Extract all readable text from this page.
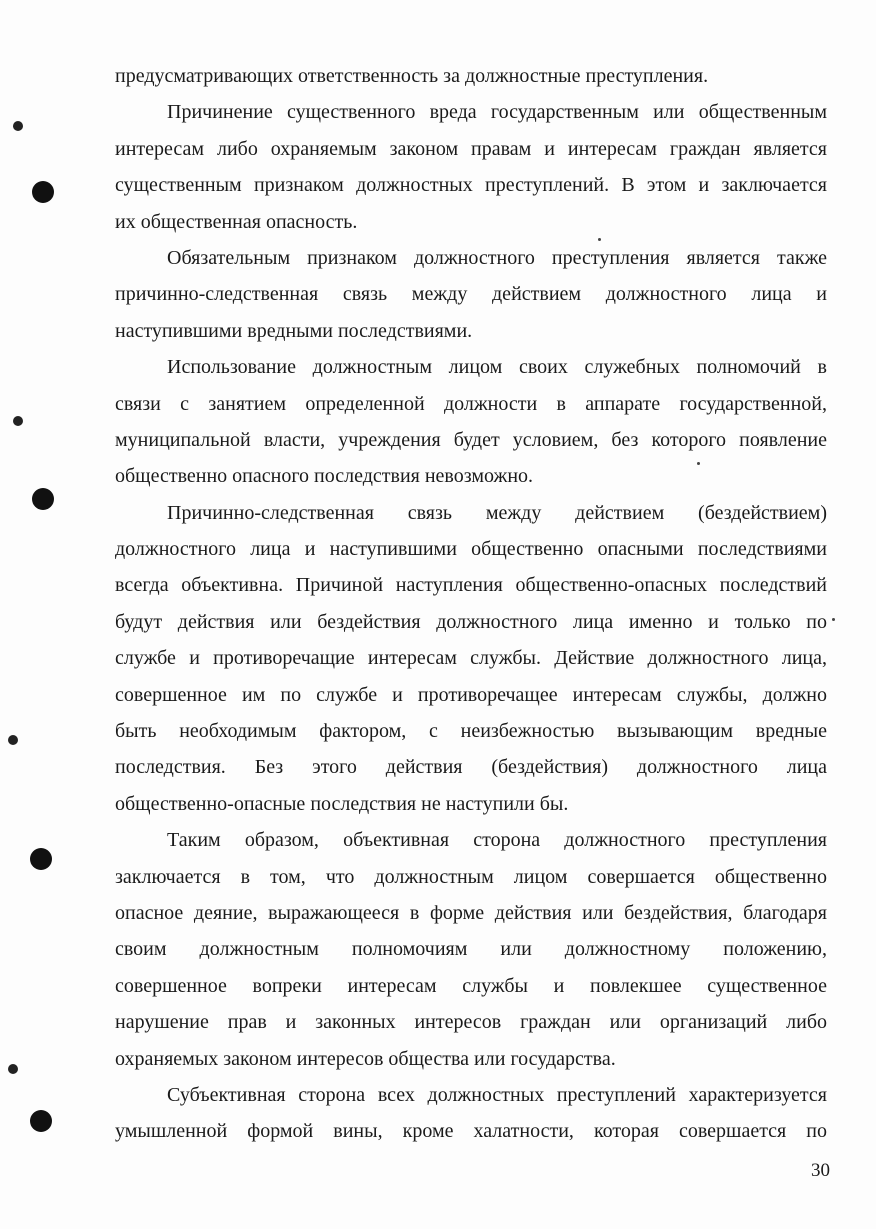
предусматривающих ответственность за должностные преступления.
Причинение существенного вреда государственным или общественным
интересам либо охраняемым законом правам и интересам граждан является
существенным признаком должностных преступлений. В этом и заключается
их общественная опасность.
Обязательным признаком должностного преступления является также
причинно-следственная связь между действием должностного лица и
наступившими вредными последствиями.
Использование должностным лицом своих служебных полномочий в
связи с занятием определенной должности в аппарате государственной,
муниципальной власти, учреждения будет условием, без которого появление
общественно опасного последствия невозможно.
Причинно-следственная связь между действием (бездействием)
должностного лица и наступившими общественно опасными последствиями
всегда объективна. Причиной наступления общественно-опасных последствий
будут действия или бездействия должностного лица именно и только по
службе и противоречащие интересам службы. Действие должностного лица,
совершенное им по службе и противоречащее интересам службы, должно
быть необходимым фактором, с неизбежностью вызывающим вредные
последствия. Без этого действия (бездействия) должностного лица
общественно-опасные последствия не наступили бы.
Таким образом, объективная сторона должностного преступления
заключается в том, что должностным лицом совершается общественно
опасное деяние, выражающееся в форме действия или бездействия, благодаря
своим должностным полномочиям или должностному положению,
совершенное вопреки интересам службы и повлекшее существенное
нарушение прав и законных интересов граждан или организаций либо
охраняемых законом интересов общества или государства.
Субъективная сторона всех должностных преступлений характеризуется
умышленной формой вины, кроме халатности, которая совершается по
30
